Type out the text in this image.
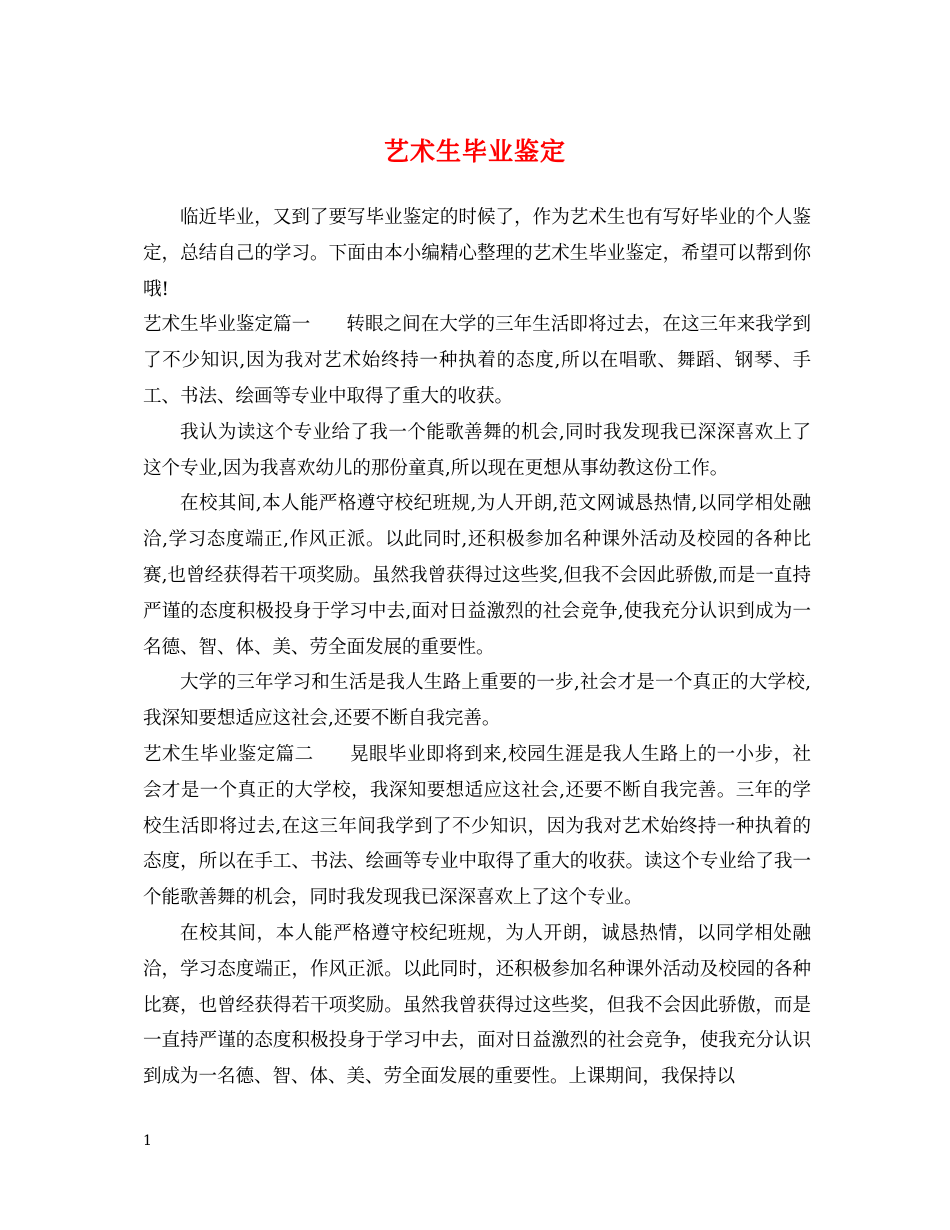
艺术生毕业鉴定

临近毕业，又到了要写毕业鉴定的时候了，作为艺术生也有写好毕业的个人鉴定，总结自己的学习。下面由本小编精心整理的艺术生毕业鉴定，希望可以帮到你哦!

艺术生毕业鉴定篇一 转眼之间在大学的三年生活即将过去，在这三年来我学到了不少知识,因为我对艺术始终持一种执着的态度,所以在唱歌、舞蹈、钢琴、手工、书法、绘画等专业中取得了重大的收获。

我认为读这个专业给了我一个能歌善舞的机会,同时我发现我已深深喜欢上了这个专业,因为我喜欢幼儿的那份童真,所以现在更想从事幼教这份工作。

在校其间,本人能严格遵守校纪班规,为人开朗,范文网诚恳热情,以同学相处融洽,学习态度端正,作风正派。以此同时,还积极参加名种课外活动及校园的各种比赛,也曾经获得若干项奖励。虽然我曾获得过这些奖,但我不会因此骄傲,而是一直持严谨的态度积极投身于学习中去,面对日益激烈的社会竞争,使我充分认识到成为一名德、智、体、美、劳全面发展的重要性。

大学的三年学习和生活是我人生路上重要的一步,社会才是一个真正的大学校,我深知要想适应这社会,还要不断自我完善。

艺术生毕业鉴定篇二 晃眼毕业即将到来,校园生涯是我人生路上的一小步，社会才是一个真正的大学校，我深知要想适应这社会,还要不断自我完善。三年的学校生活即将过去,在这三年间我学到了不少知识，因为我对艺术始终持一种执着的态度，所以在手工、书法、绘画等专业中取得了重大的收获。读这个专业给了我一个能歌善舞的机会，同时我发现我已深深喜欢上了这个专业。

在校其间，本人能严格遵守校纪班规，为人开朗，诚恳热情，以同学相处融洽，学习态度端正，作风正派。以此同时，还积极参加名种课外活动及校园的各种比赛，也曾经获得若干项奖励。虽然我曾获得过这些奖，但我不会因此骄傲，而是一直持严谨的态度积极投身于学习中去，面对日益激烈的社会竞争，使我充分认识到成为一名德、智、体、美、劳全面发展的重要性。上课期间，我保持以

1
